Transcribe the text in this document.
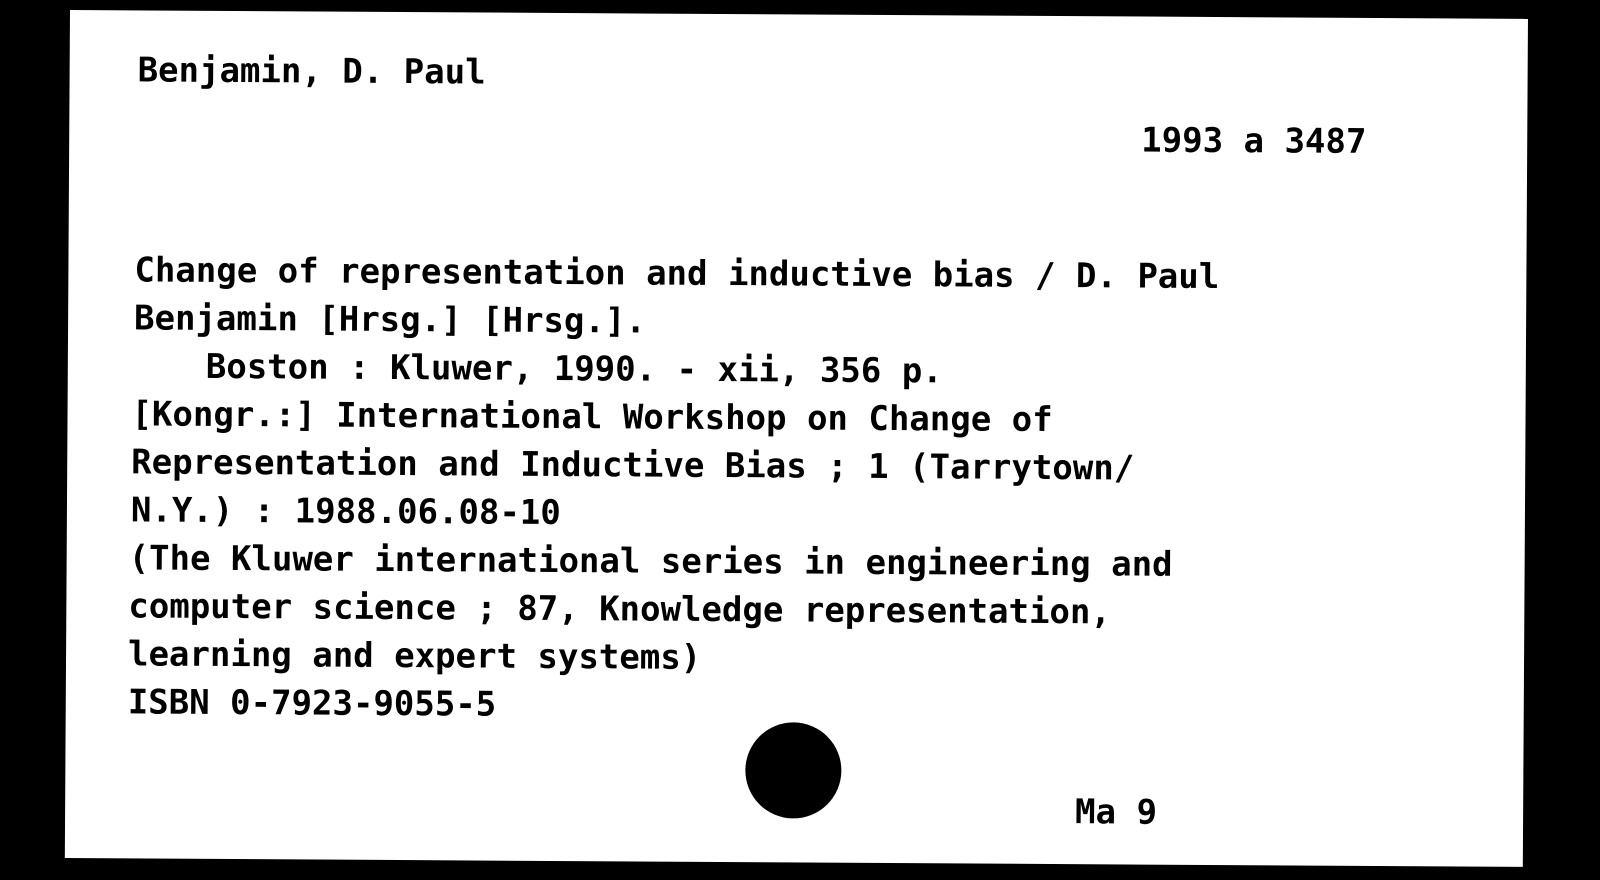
Benjamin, D. Paul

1993 a 3487

Change of representation and inductive bias / D. Paul

Benjamin [Hrsg.] [Hrsg.].

Boston : Kluwer, 1990. - xii, 356 p.

[Kongr.:] International Workshop on Change of

Representation and Inductive Bias ; 1 (Tarrytown/

N.Y.) : 1988.06.08-10

(The Kluwer international series in engineering and

computer science ; 87, Knowledge representation,

learning and expert systems)

ISBN 0-7923-9055-5

Ma 9
